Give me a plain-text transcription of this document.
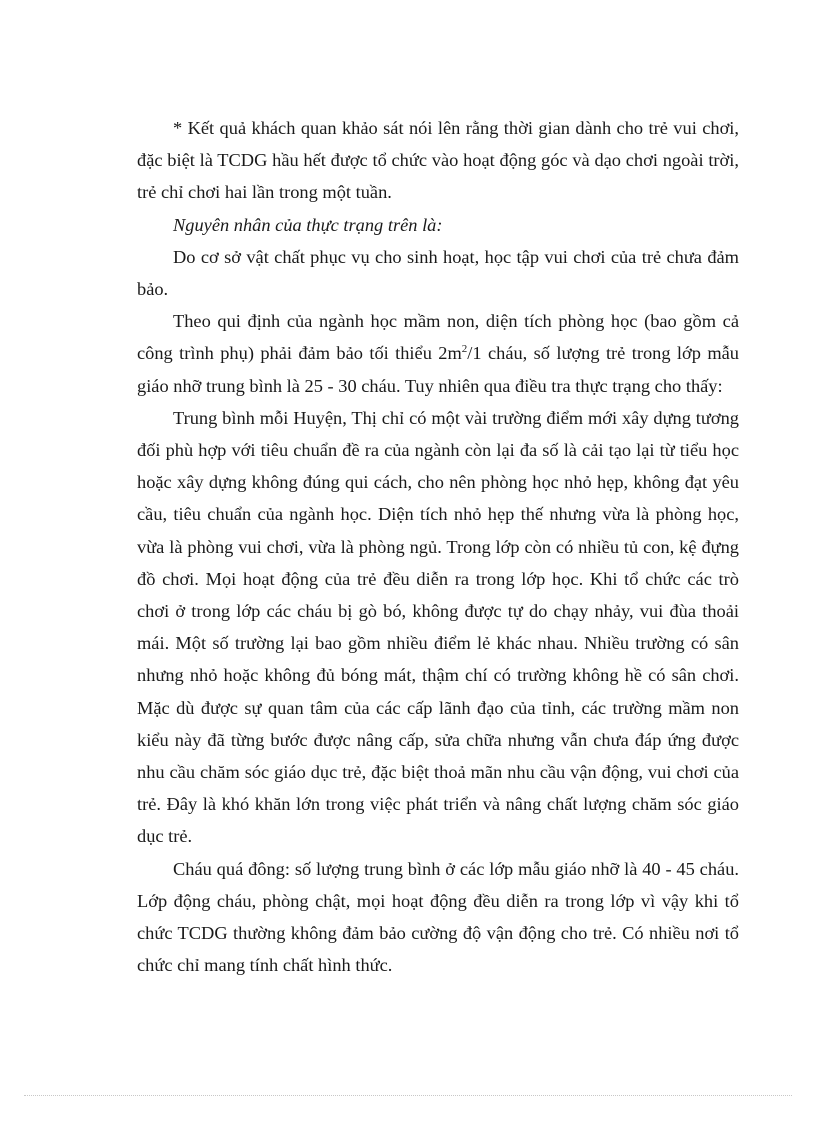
* Kết quả khách quan khảo sát nói lên rằng thời gian dành cho trẻ vui chơi, đặc biệt là TCDG hầu hết được tổ chức vào hoạt động góc và dạo chơi ngoài trời, trẻ chỉ chơi hai lần trong một tuần.

Nguyên nhân của thực trạng trên là:

Do cơ sở vật chất phục vụ cho sinh hoạt, học tập vui chơi của trẻ chưa đảm bảo.

Theo qui định của ngành học mầm non, diện tích phòng học (bao gồm cả công trình phụ) phải đảm bảo tối thiểu $2m^2/1$ cháu, số lượng trẻ trong lớp mẫu giáo nhỡ trung bình là 25 - 30 cháu. Tuy nhiên qua điều tra thực trạng cho thấy:

Trung bình mỗi Huyện, Thị chỉ có một vài trường điểm mới xây dựng tương đối phù hợp với tiêu chuẩn đề ra của ngành còn lại đa số là cải tạo lại từ tiểu học hoặc xây dựng không đúng qui cách, cho nên phòng học nhỏ hẹp, không đạt yêu cầu, tiêu chuẩn của ngành học. Diện tích nhỏ hẹp thế nhưng vừa là phòng học, vừa là phòng vui chơi, vừa là phòng ngủ. Trong lớp còn có nhiều tủ con, kệ đựng đồ chơi. Mọi hoạt động của trẻ đều diễn ra trong lớp học. Khi tổ chức các trò chơi ở trong lớp các cháu bị gò bó, không được tự do chạy nhảy, vui đùa thoải mái. Một số trường lại bao gồm nhiều điểm lẻ khác nhau. Nhiều trường có sân nhưng nhỏ hoặc không đủ bóng mát, thậm chí có trường không hề có sân chơi. Mặc dù được sự quan tâm của các cấp lãnh đạo của tỉnh, các trường mầm non kiểu này đã từng bước được nâng cấp, sửa chữa nhưng vẫn chưa đáp ứng được nhu cầu chăm sóc giáo dục trẻ, đặc biệt thoả mãn nhu cầu vận động, vui chơi của trẻ. Đây là khó khăn lớn trong việc phát triển và nâng chất lượng chăm sóc giáo dục trẻ.

Cháu quá đông: số lượng trung bình ở các lớp mẫu giáo nhỡ là 40 - 45 cháu. Lớp động cháu, phòng chật, mọi hoạt động đều diễn ra trong lớp vì vậy khi tổ chức TCDG thường không đảm bảo cường độ vận động cho trẻ. Có nhiều nơi tổ chức chỉ mang tính chất hình thức.
